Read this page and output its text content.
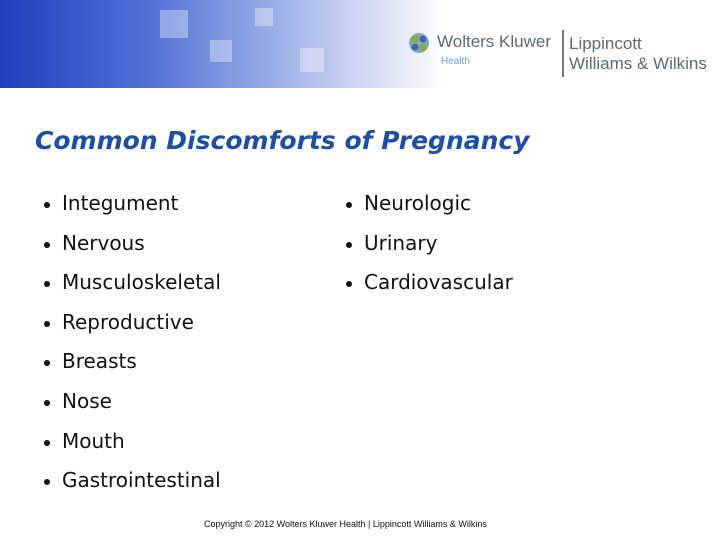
Wolters Kluwer
Health
Lippincott
Williams & Wilkins
Common Discomforts of Pregnancy
Integument
Nervous
Musculoskeletal
Reproductive
Breasts
Nose
Mouth
Gastrointestinal
Neurologic
Urinary
Cardiovascular
Copyright © 2012 Wolters Kluwer Health | Lippincott Williams & Wilkins
